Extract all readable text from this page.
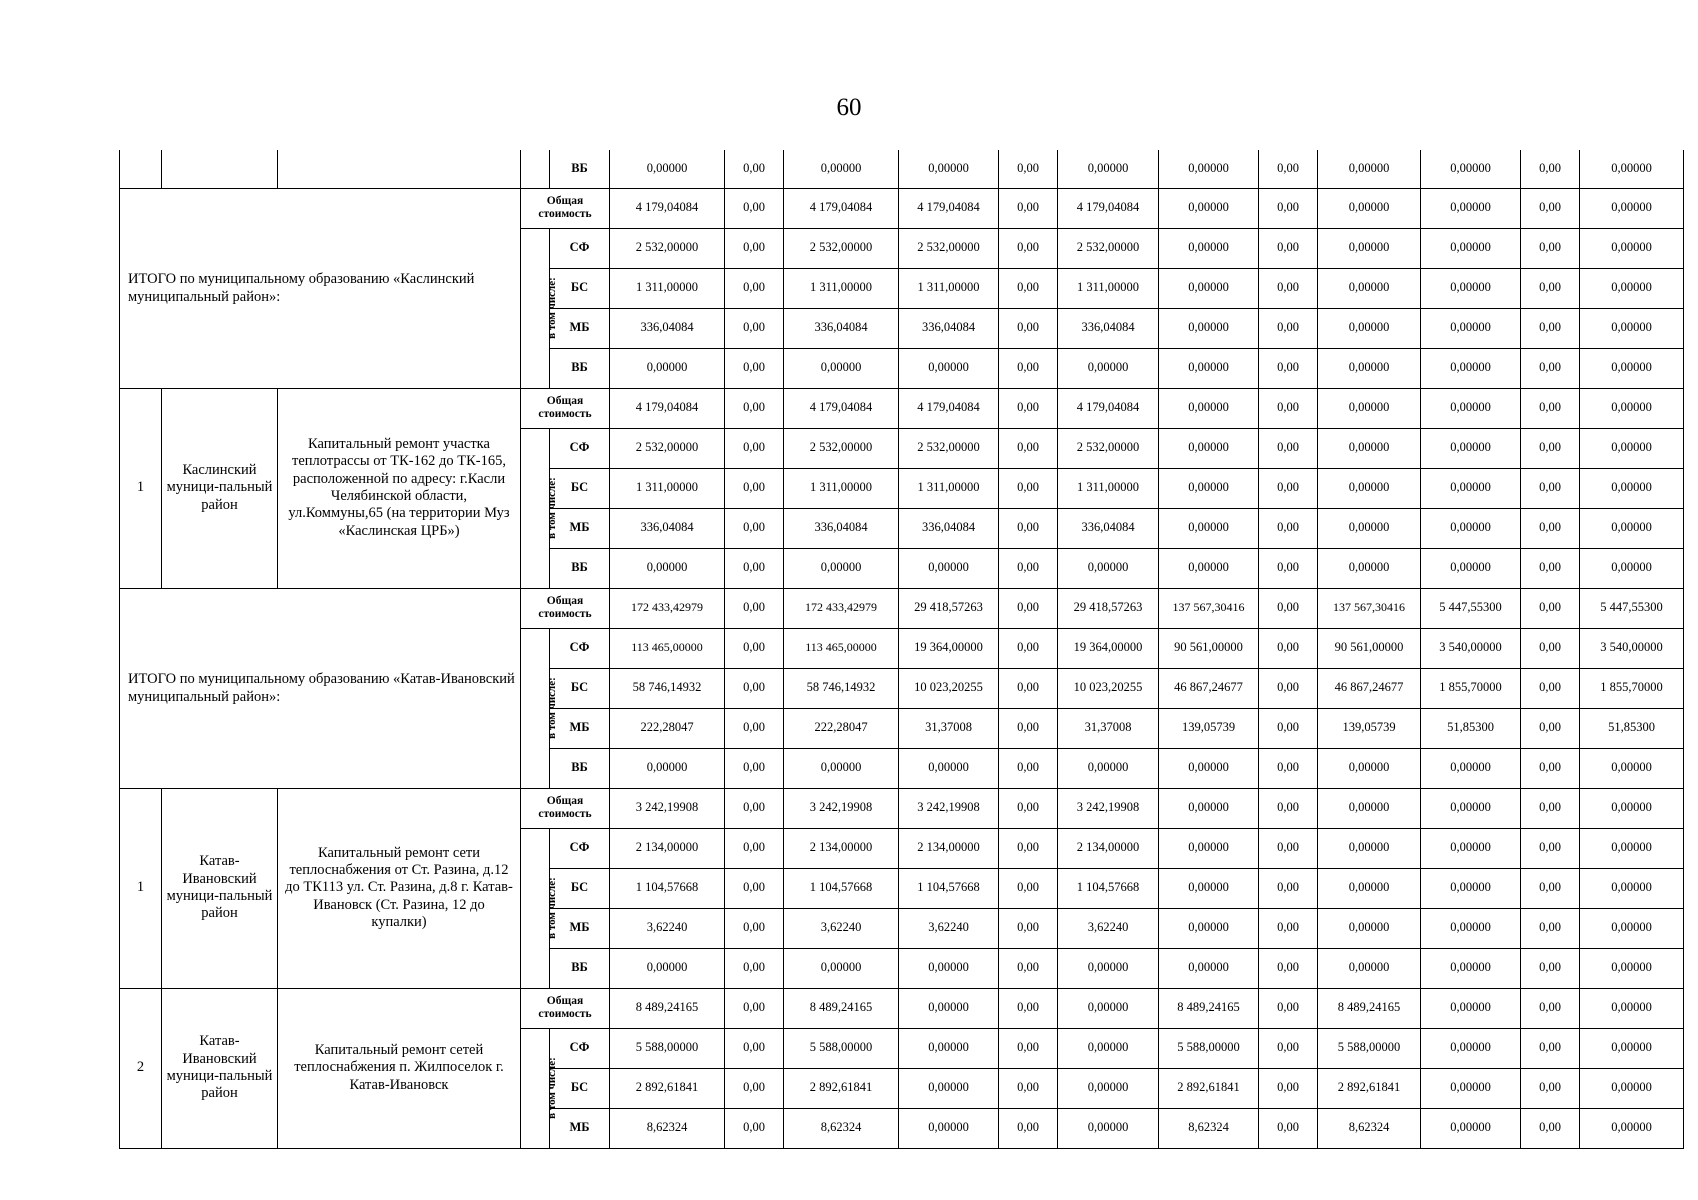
60
				ВБ	0,00000	0,00	0,00000	0,00000	0,00	0,00000	0,00000	0,00	0,00000	0,00000	0,00	0,00000
ИТОГО по муниципальному образованию «Каслинский муниципальный район»:			Общая стоимость		4 179,04084	0,00	4 179,04084	4 179,04084	0,00	4 179,04084	0,00000	0,00	0,00000	0,00000	0,00	0,00000
			в том числе:	СФ	2 532,00000	0,00	2 532,00000	2 532,00000	0,00	2 532,00000	0,00000	0,00	0,00000	0,00000	0,00	0,00000
				БС	1 311,00000	0,00	1 311,00000	1 311,00000	0,00	1 311,00000	0,00000	0,00	0,00000	0,00000	0,00	0,00000
				МБ	336,04084	0,00	336,04084	336,04084	0,00	336,04084	0,00000	0,00	0,00000	0,00000	0,00	0,00000
				ВБ	0,00000	0,00	0,00000	0,00000	0,00	0,00000	0,00000	0,00	0,00000	0,00000	0,00	0,00000
1	Каслинский муници-пальный район	Капитальный ремонт участка теплотрассы от ТК-162 до ТК-165, расположенной по адресу: г.Касли Челябинской области, ул.Коммуны,65 (на территории Муз «Каслинская ЦРБ»)	Общая стоимость		4 179,04084	0,00	4 179,04084	4 179,04084	0,00	4 179,04084	0,00000	0,00	0,00000	0,00000	0,00	0,00000
			в том числе:	СФ	2 532,00000	0,00	2 532,00000	2 532,00000	0,00	2 532,00000	0,00000	0,00	0,00000	0,00000	0,00	0,00000
				БС	1 311,00000	0,00	1 311,00000	1 311,00000	0,00	1 311,00000	0,00000	0,00	0,00000	0,00000	0,00	0,00000
				МБ	336,04084	0,00	336,04084	336,04084	0,00	336,04084	0,00000	0,00	0,00000	0,00000	0,00	0,00000
				ВБ	0,00000	0,00	0,00000	0,00000	0,00	0,00000	0,00000	0,00	0,00000	0,00000	0,00	0,00000
ИТОГО по муниципальному образованию «Катав-Ивановский муниципальный район»:			Общая стоимость		172 433,42979	0,00	172 433,42979	29 418,57263	0,00	29 418,57263	137 567,30416	0,00	137 567,30416	5 447,55300	0,00	5 447,55300
			в том числе:	СФ	113 465,00000	0,00	113 465,00000	19 364,00000	0,00	19 364,00000	90 561,00000	0,00	90 561,00000	3 540,00000	0,00	3 540,00000
				БС	58 746,14932	0,00	58 746,14932	10 023,20255	0,00	10 023,20255	46 867,24677	0,00	46 867,24677	1 855,70000	0,00	1 855,70000
				МБ	222,28047	0,00	222,28047	31,37008	0,00	31,37008	139,05739	0,00	139,05739	51,85300	0,00	51,85300
				ВБ	0,00000	0,00	0,00000	0,00000	0,00	0,00000	0,00000	0,00	0,00000	0,00000	0,00	0,00000
1	Катав-Ивановский муници-пальный район	Капитальный ремонт сети теплоснабжения от Ст. Разина, д.12 до ТК113 ул. Ст. Разина, д.8 г. Катав-Ивановск (Ст. Разина, 12 до купалки)	Общая стоимость		3 242,19908	0,00	3 242,19908	3 242,19908	0,00	3 242,19908	0,00000	0,00	0,00000	0,00000	0,00	0,00000
			в том числе:	СФ	2 134,00000	0,00	2 134,00000	2 134,00000	0,00	2 134,00000	0,00000	0,00	0,00000	0,00000	0,00	0,00000
				БС	1 104,57668	0,00	1 104,57668	1 104,57668	0,00	1 104,57668	0,00000	0,00	0,00000	0,00000	0,00	0,00000
				МБ	3,62240	0,00	3,62240	3,62240	0,00	3,62240	0,00000	0,00	0,00000	0,00000	0,00	0,00000
				ВБ	0,00000	0,00	0,00000	0,00000	0,00	0,00000	0,00000	0,00	0,00000	0,00000	0,00	0,00000
2	Катав-Ивановский муници-пальный район	Капитальный ремонт сетей теплоснабжения п. Жилпоселок г. Катав-Ивановск	Общая стоимость		8 489,24165	0,00	8 489,24165	0,00000	0,00	0,00000	8 489,24165	0,00	8 489,24165	0,00000	0,00	0,00000
			в том числе:	СФ	5 588,00000	0,00	5 588,00000	0,00000	0,00	0,00000	5 588,00000	0,00	5 588,00000	0,00000	0,00	0,00000
				БС	2 892,61841	0,00	2 892,61841	0,00000	0,00	0,00000	2 892,61841	0,00	2 892,61841	0,00000	0,00	0,00000
				МБ	8,62324	0,00	8,62324	0,00000	0,00	0,00000	8,62324	0,00	8,62324	0,00000	0,00	0,00000
